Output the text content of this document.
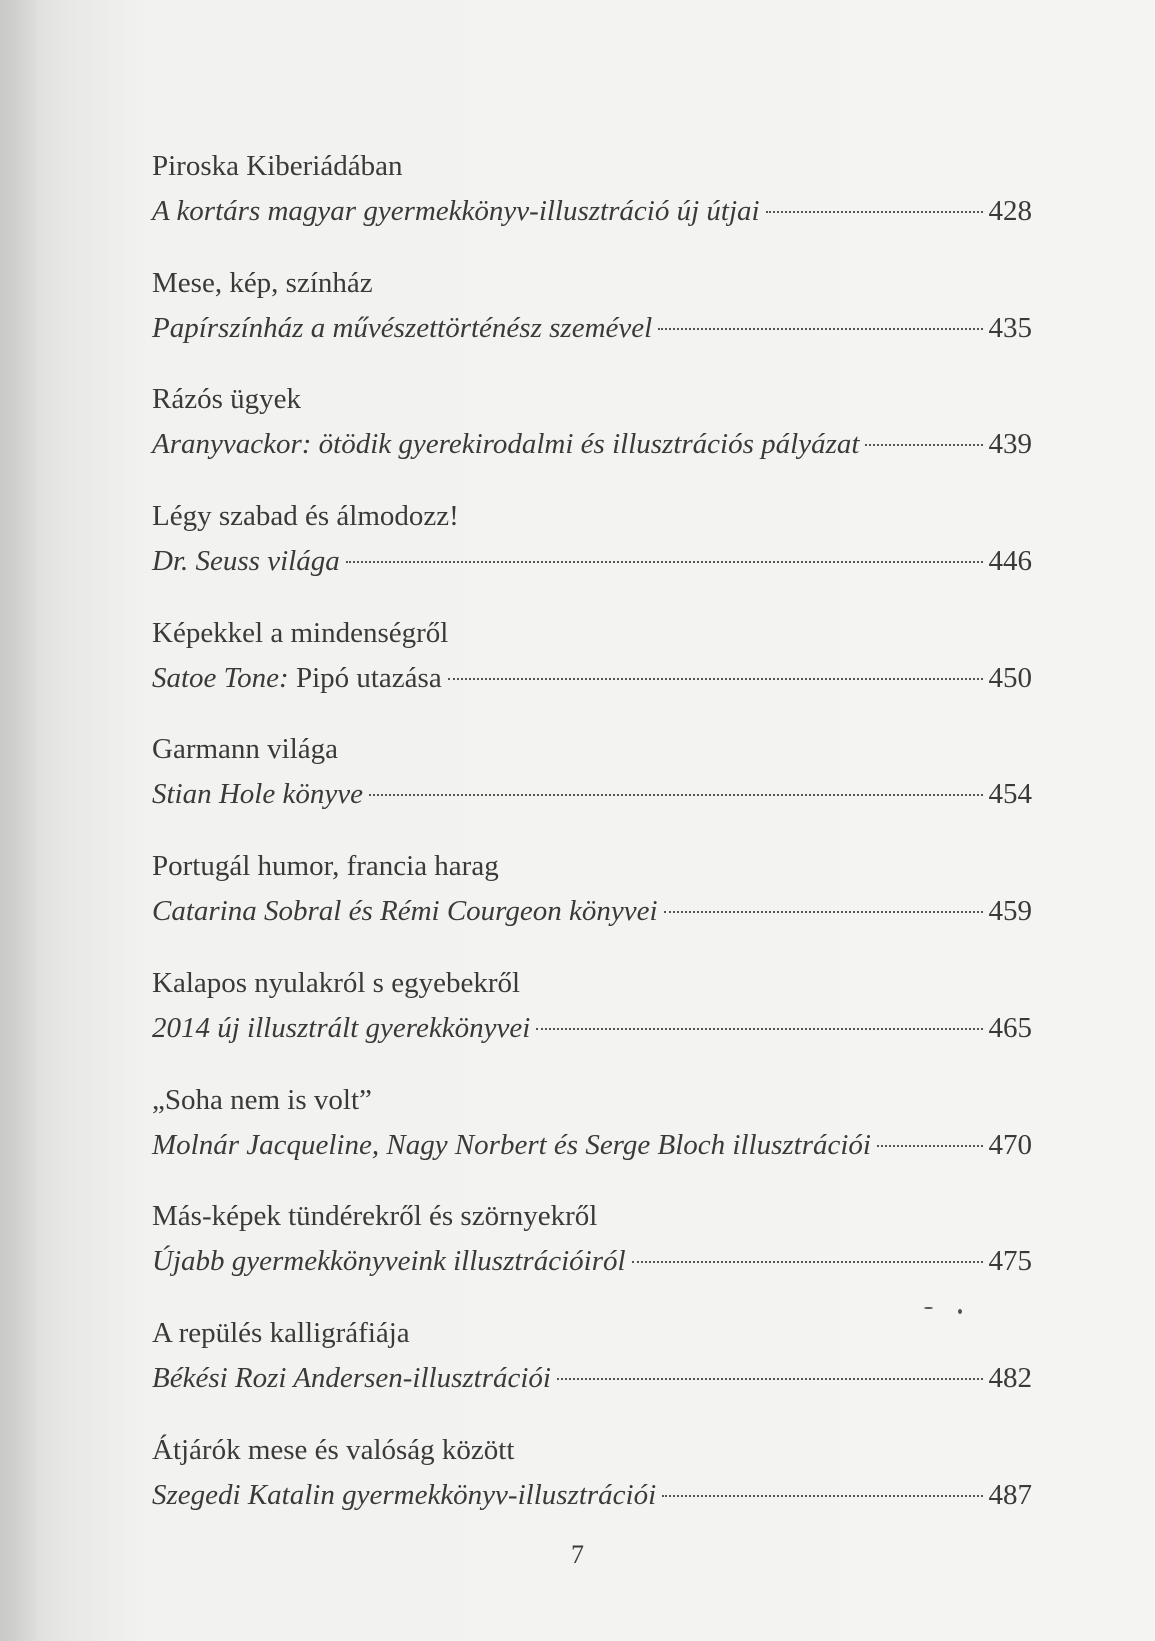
Piroska Kiberiádában
A kortárs magyar gyermekkönyv-illusztráció új útjai	428
Mese, kép, színház
Papírszínház a művészettörténész szemével	435
Rázós ügyek
Aranyvackor: ötödik gyerekirodalmi és illusztrációs pályázat	439
Légy szabad és álmodozz!
Dr. Seuss világa	446
Képekkel a mindenségről
Satoe Tone: Pipó utazása	450
Garmann világa
Stian Hole könyve	454
Portugál humor, francia harag
Catarina Sobral és Rémi Courgeon könyvei	459
Kalapos nyulakról s egyebekről
2014 új illusztrált gyerekkönyvei	465
„Soha nem is volt”
Molnár Jacqueline, Nagy Norbert és Serge Bloch illusztrációi	470
Más-képek tündérekről és szörnyekről
Újabb gyermekkönyveink illusztrációiról	475
A repülés kalligráfiája
Békési Rozi Andersen-illusztrációi	482
Átjárók mese és valóság között
Szegedi Katalin gyermekkönyv-illusztrációi	487
7
